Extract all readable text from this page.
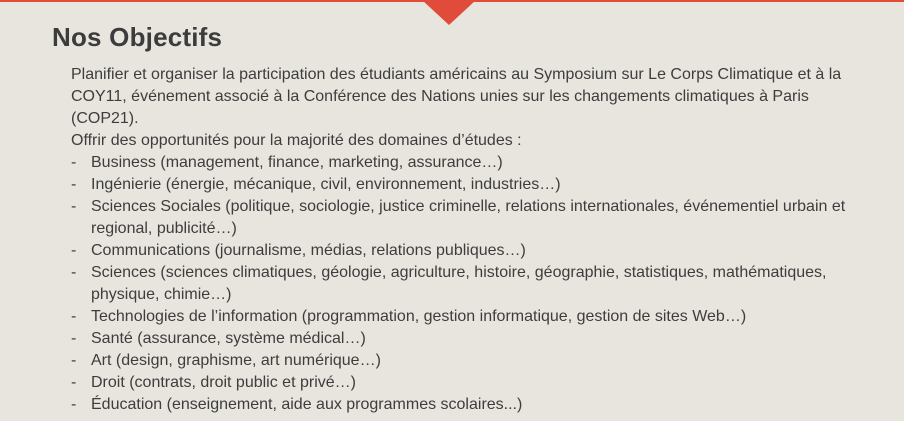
Nos Objectifs

Planifier et organiser la participation des étudiants américains au Symposium sur Le Corps Climatique et à la COY11, événement associé à la Conférence des Nations unies sur les changements climatiques à Paris (COP21).

Offrir des opportunités pour la majorité des domaines d’études :

- Business (management, finance, marketing, assurance…)
- Ingénierie (énergie, mécanique, civil, environnement, industries…)
- Sciences Sociales (politique, sociologie, justice criminelle, relations internationales, événementiel urbain et regional, publicité…)
- Communications (journalisme, médias, relations publiques…)
- Sciences (sciences climatiques, géologie, agriculture, histoire, géographie, statistiques, mathématiques, physique, chimie…)
- Technologies de l’information (programmation, gestion informatique, gestion de sites Web…)
- Santé (assurance, système médical…)
- Art (design, graphisme, art numérique…)
- Droit (contrats, droit public et privé…)
- Éducation (enseignement, aide aux programmes scolaires...)
